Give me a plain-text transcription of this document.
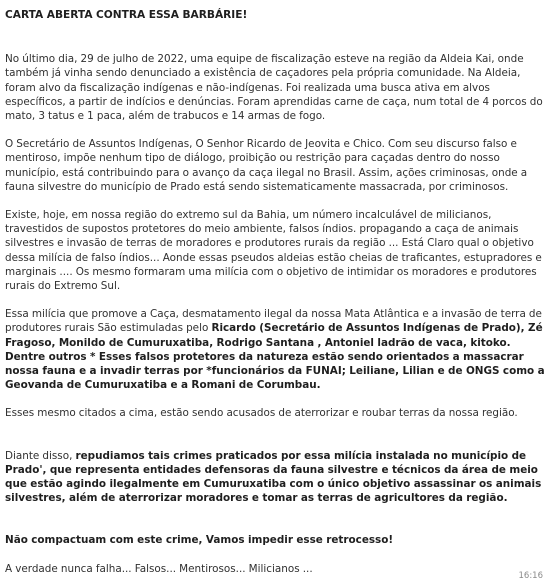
CARTA ABERTA CONTRA ESSA BARBÁRIE!

No último dia, 29 de julho de 2022, uma equipe de fiscalização esteve na região da Aldeia Kai, onde também já vinha sendo denunciado a existência de caçadores pela própria comunidade. Na Aldeia, foram alvo da fiscalização indígenas e não-indígenas. Foi realizada uma busca ativa em alvos específicos, a partir de indícios e denúncias. Foram aprendidas carne de caça, num total de 4 porcos do mato, 3 tatus e 1 paca, além de trabucos e 14 armas de fogo.

O Secretário de Assuntos Indígenas, O Senhor Ricardo de Jeovita e Chico. Com seu discurso falso e mentiroso, impõe nenhum tipo de diálogo, proibição ou restrição para caçadas dentro do nosso município, está contribuindo para o avanço da caça ilegal no Brasil. Assim, ações criminosas, onde a fauna silvestre do município de Prado está sendo sistematicamente massacrada, por criminosos.

Existe, hoje, em nossa região do extremo sul da Bahia, um número incalculável de milicianos, travestidos de supostos protetores do meio ambiente, falsos índios. propagando a caça de animais silvestres e invasão de terras de moradores e produtores rurais da região ... Está Claro qual o objetivo dessa milícia de falso índios... Aonde essas pseudos aldeias estão cheias de traficantes, estupradores e marginais .... Os mesmo formaram uma milícia com o objetivo de intimidar os moradores e produtores rurais do Extremo Sul.

Essa milícia que promove a Caça, desmatamento ilegal da nossa Mata Atlântica e a invasão de terra de produtores rurais São estimuladas pelo Ricardo (Secretário de Assuntos Indígenas de Prado), Zé Fragoso, Monildo de Cumuruxatiba, Rodrigo Santana , Antoniel ladrão de vaca, kitoko. Dentre outros * Esses falsos protetores da natureza estão sendo orientados a massacrar nossa fauna e a invadir terras por *funcionários da FUNAI; Leiliane, Lilian e de ONGS como a Geovanda de Cumuruxatiba e a Romani de Corumbau.

Esses mesmo citados a cima, estão sendo acusados de aterrorizar e roubar terras da nossa região.

Diante disso, repudiamos tais crimes praticados por essa milícia instalada no município de Prado', que representa entidades defensoras da fauna silvestre e técnicos da área de meio que estão agindo ilegalmente em Cumuruxatiba com o único objetivo assassinar os animais silvestres, além de aterrorizar moradores e tomar as terras de agricultores da região.

Não compactuam com este crime, Vamos impedir esse retrocesso!

A verdade nunca falha... Falsos... Mentirosos... Milicianos ...

16:16
